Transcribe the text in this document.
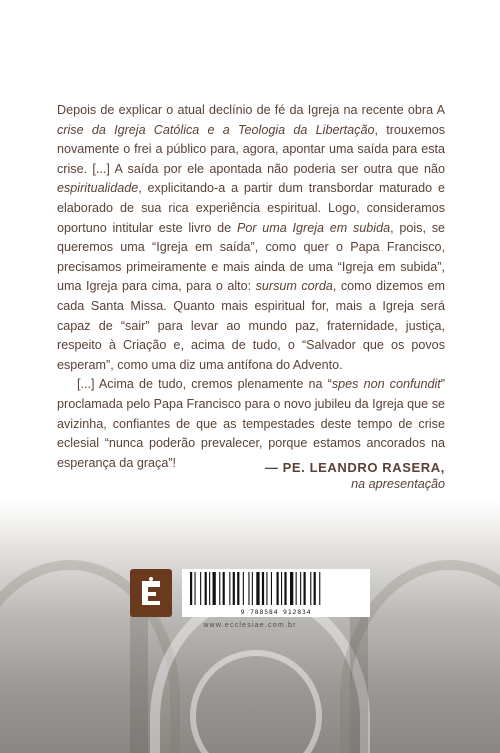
Depois de explicar o atual declínio de fé da Igreja na recente obra A crise da Igreja Católica e a Teologia da Libertação, trouxemos novamente o frei a público para, agora, apontar uma saída para esta crise. [...] A saída por ele apontada não poderia ser outra que não espiritualidade, explicitando-a a partir dum transbordar maturado e elaborado de sua rica experiência espiritual. Logo, consideramos oportuno intitular este livro de Por uma Igreja em subida, pois, se queremos uma “Igreja em saída”, como quer o Papa Francisco, precisamos primeiramente e mais ainda de uma “Igreja em subida”, uma Igreja para cima, para o alto: sursum corda, como dizemos em cada Santa Missa. Quanto mais espiritual for, mais a Igreja será capaz de “sair” para levar ao mundo paz, fraternidade, justiça, respeito à Criação e, acima de tudo, o “Salvador que os povos esperam”, como uma diz uma antífona do Advento.

[...] Acima de tudo, cremos plenamente na “spes non confundit” proclamada pelo Papa Francisco para o novo jubileu da Igreja que se avizinha, confiantes de que as tempestades deste tempo de crise eclesial “nunca poderão prevalecer, porque estamos ancorados na esperança da graça”!	— PE. LEANDRO RASERA,
na apresentação
9 788584 912834
www.ecclesiae.com.br
